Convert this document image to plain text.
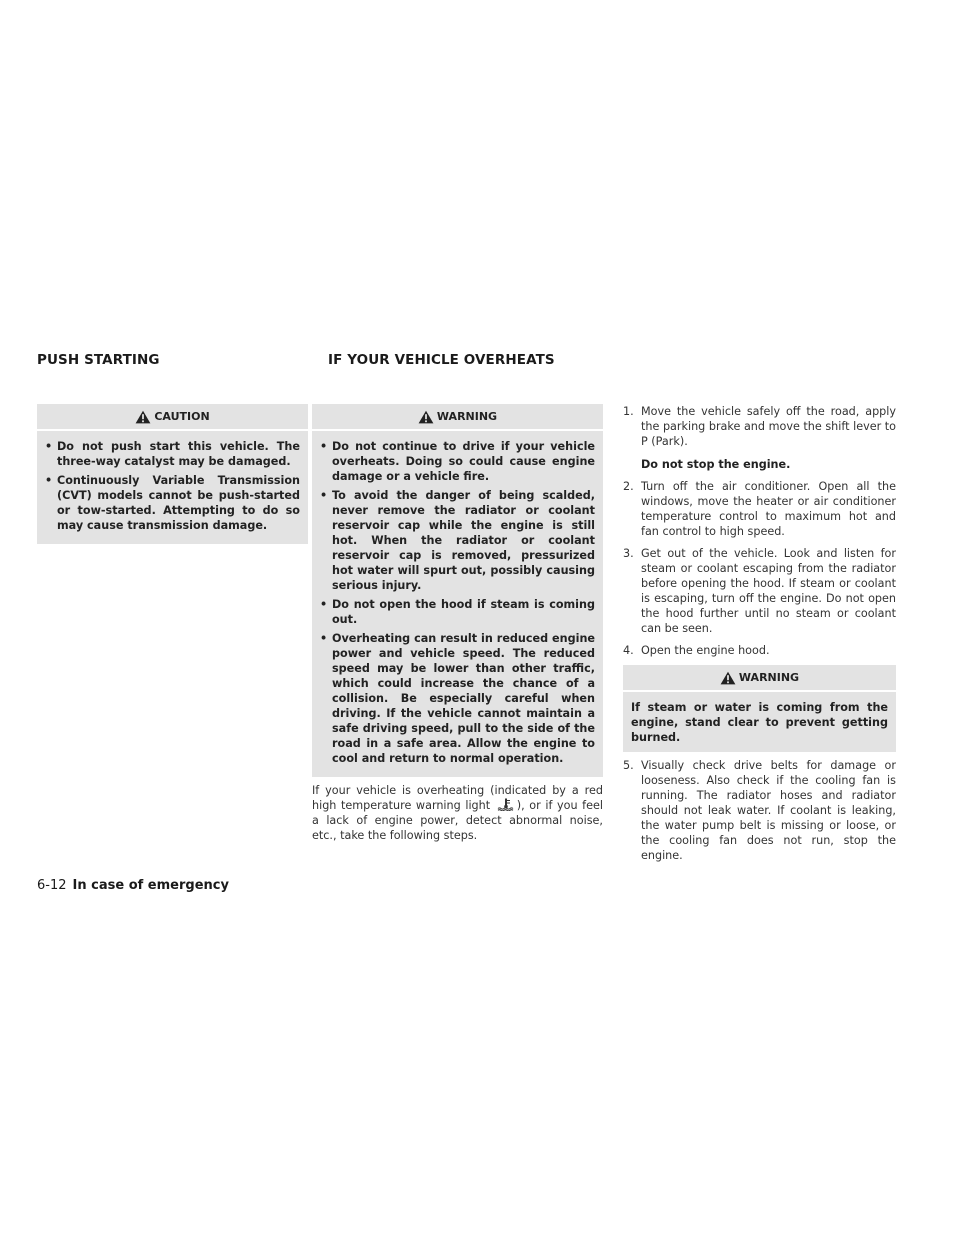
PUSH STARTING	IF YOUR VEHICLE OVERHEATS
CAUTION
• Do not push start this vehicle. The three-way catalyst may be damaged.
• Continuously Variable Transmission (CVT) models cannot be push-started or tow-started. Attempting to do so may cause transmission damage.
WARNING
• Do not continue to drive if your vehicle overheats. Doing so could cause engine damage or a vehicle fire.
• To avoid the danger of being scalded, never remove the radiator or coolant reservoir cap while the engine is still hot. When the radiator or coolant reservoir cap is removed, pressurized hot water will spurt out, possibly causing serious injury.
• Do not open the hood if steam is coming out.
• Overheating can result in reduced engine power and vehicle speed. The reduced speed may be lower than other traffic, which could increase the chance of a collision. Be especially careful when driving. If the vehicle cannot maintain a safe driving speed, pull to the side of the road in a safe area. Allow the engine to cool and return to normal operation.

If your vehicle is overheating (indicated by a red high temperature warning light ), or if you feel a lack of engine power, detect abnormal noise, etc., take the following steps.

1. Move the vehicle safely off the road, apply the parking brake and move the shift lever to P (Park).
Do not stop the engine.
2. Turn off the air conditioner. Open all the windows, move the heater or air conditioner temperature control to maximum hot and fan control to high speed.
3. Get out of the vehicle. Look and listen for steam or coolant escaping from the radiator before opening the hood. If steam or coolant is escaping, turn off the engine. Do not open the hood further until no steam or coolant can be seen.
4. Open the engine hood.
WARNING

If steam or water is coming from the engine, stand clear to prevent getting burned.

5. Visually check drive belts for damage or looseness. Also check if the cooling fan is running. The radiator hoses and radiator should not leak water. If coolant is leaking, the water pump belt is missing or loose, or the cooling fan does not run, stop the engine.
6-12 In case of emergency
